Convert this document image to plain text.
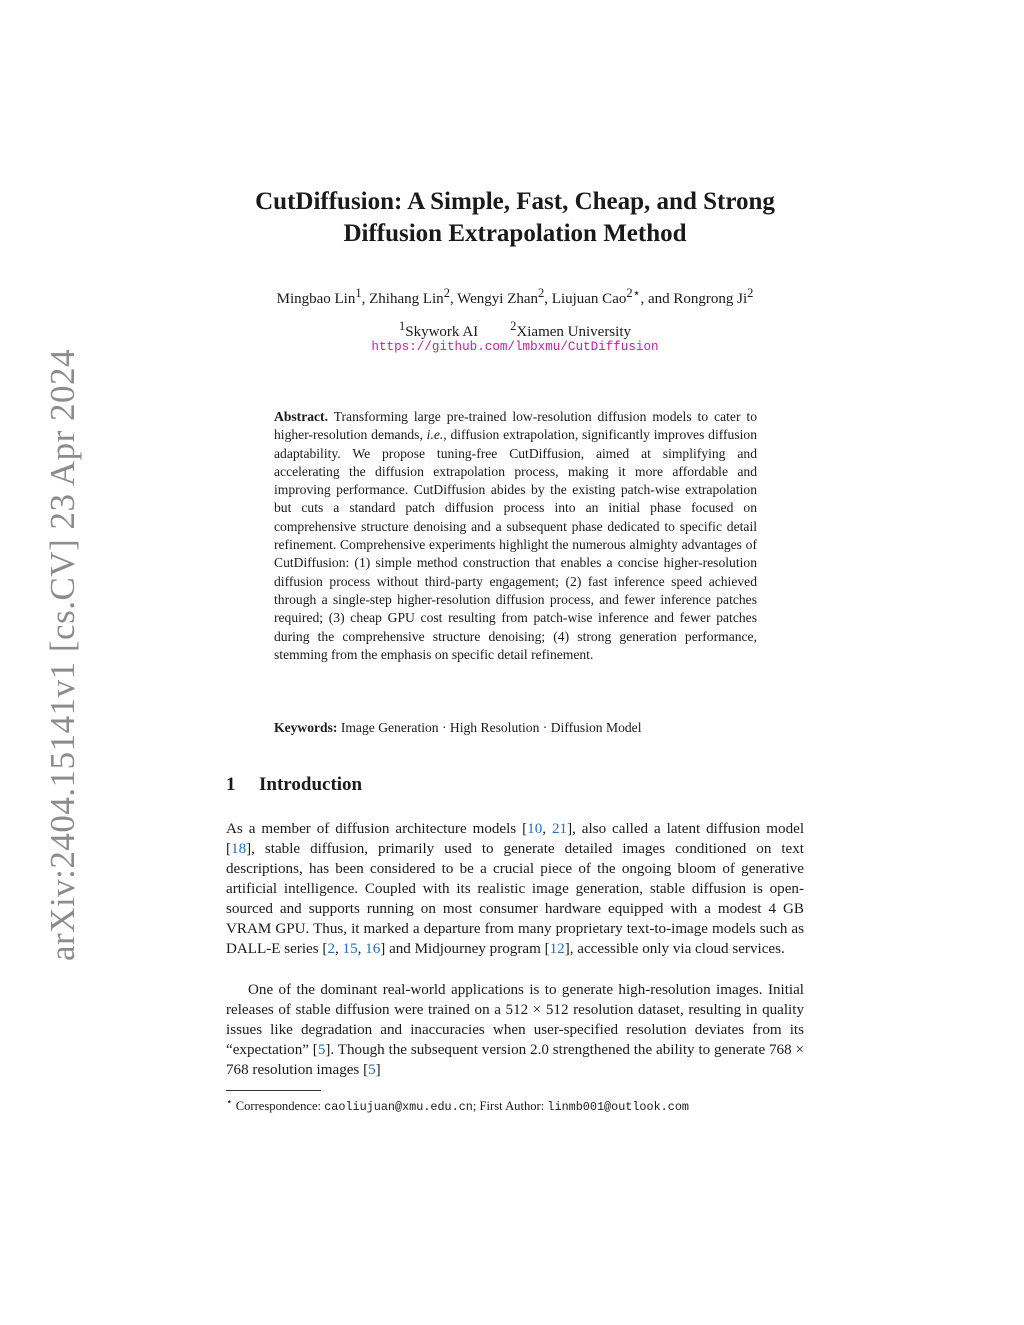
arXiv:2404.15141v1 [cs.CV] 23 Apr 2024
CutDiffusion: A Simple, Fast, Cheap, and Strong
Diffusion Extrapolation Method
Mingbao Lin$^1$, Zhihang Lin$^2$, Wengyi Zhan$^2$, Liujuan Cao$^{2⋆}$, and Rongrong Ji$^2$
$^1$Skywork AI	$^2$Xiamen University
https://github.com/lmbxmu/CutDiffusion

Abstract. Transforming large pre-trained low-resolution diffusion models to cater to higher-resolution demands, i.e., diffusion extrapolation, significantly improves diffusion adaptability. We propose tuning-free CutDiffusion, aimed at simplifying and accelerating the diffusion extrapolation process, making it more affordable and improving performance. CutDiffusion abides by the existing patch-wise extrapolation but cuts a standard patch diffusion process into an initial phase focused on comprehensive structure denoising and a subsequent phase dedicated to specific detail refinement. Comprehensive experiments highlight the numerous almighty advantages of CutDiffusion: (1) simple method construction that enables a concise higher-resolution diffusion process without third-party engagement; (2) fast inference speed achieved through a single-step higher-resolution diffusion process, and fewer inference patches required; (3) cheap GPU cost resulting from patch-wise inference and fewer patches during the comprehensive structure denoising; (4) strong generation performance, stemming from the emphasis on specific detail refinement.

Keywords: Image Generation · High Resolution · Diffusion Model

1 Introduction

As a member of diffusion architecture models [10, 21], also called a latent diffusion model [18], stable diffusion, primarily used to generate detailed images conditioned on text descriptions, has been considered to be a crucial piece of the ongoing bloom of generative artificial intelligence. Coupled with its realistic image generation, stable diffusion is open-sourced and supports running on most consumer hardware equipped with a modest 4 GB VRAM GPU. Thus, it marked a departure from many proprietary text-to-image models such as DALL-E series [2, 15, 16] and Midjourney program [12], accessible only via cloud services.

One of the dominant real-world applications is to generate high-resolution images. Initial releases of stable diffusion were trained on a 512 × 512 resolution dataset, resulting in quality issues like degradation and inaccuracies when user-specified resolution deviates from its “expectation” [5]. Though the subsequent version 2.0 strengthened the ability to generate 768 × 768 resolution images [5]

⋆ Correspondence: caoliujuan@xmu.edu.cn; First Author: linmb001@outlook.com
